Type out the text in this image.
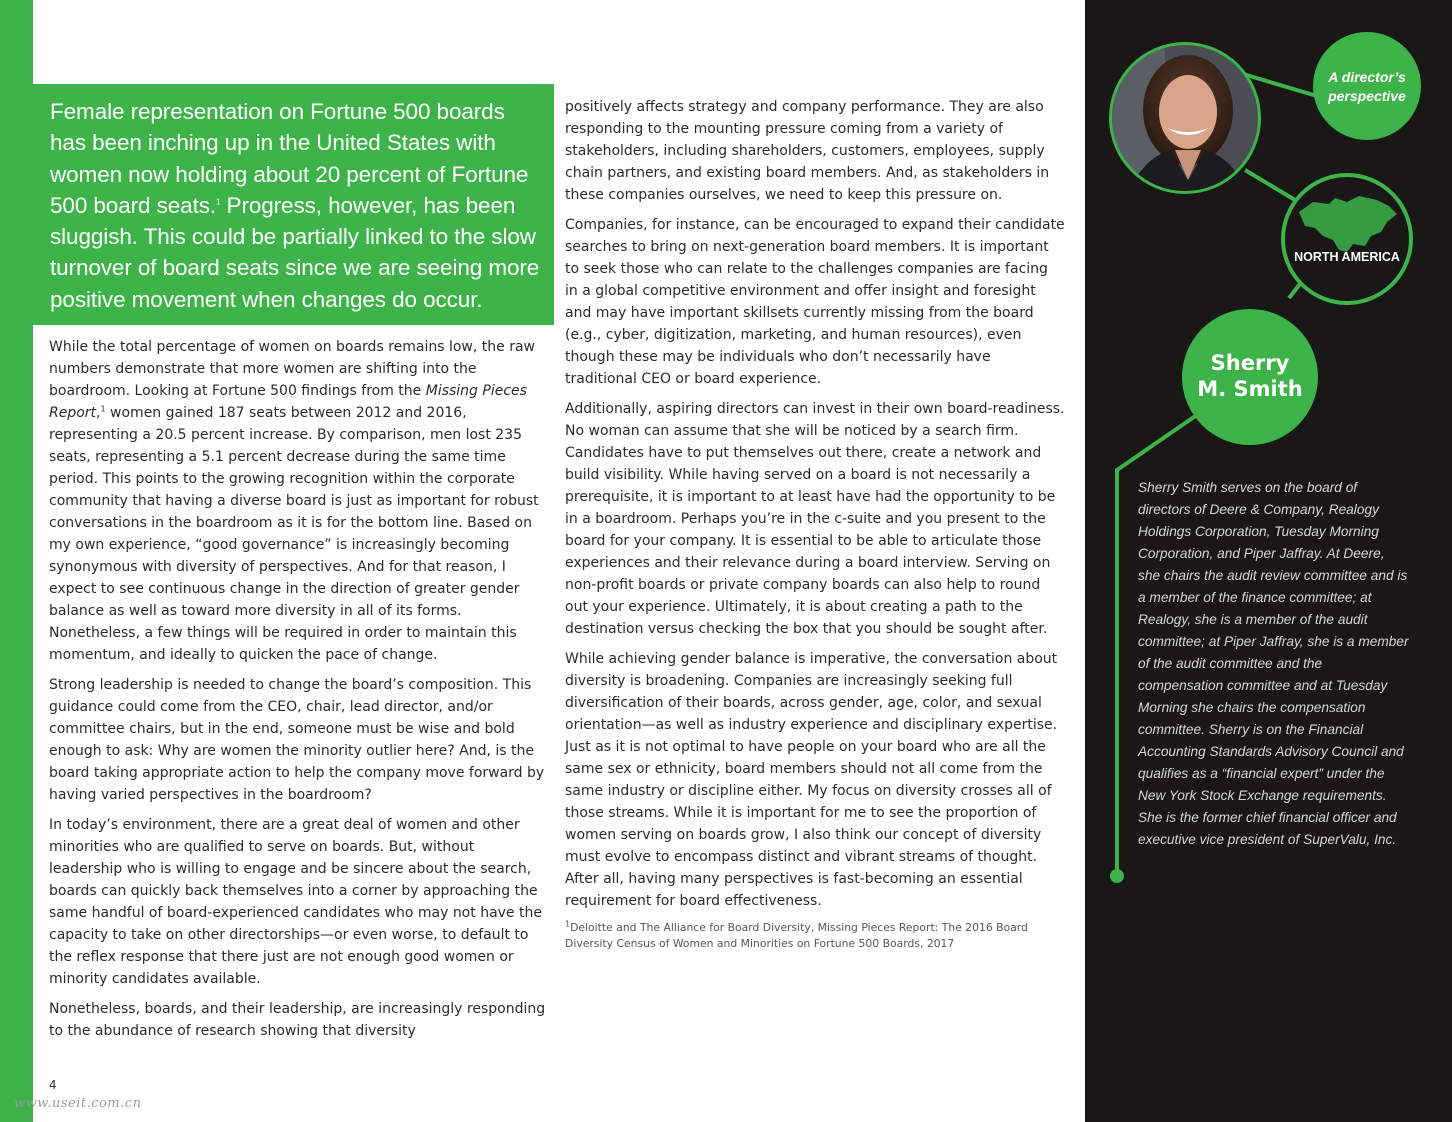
Female representation on Fortune 500 boards has been inching up in the United States with women now holding about 20 percent of Fortune 500 board seats.$^1$ Progress, however, has been sluggish. This could be partially linked to the slow turnover of board seats since we are seeing more positive movement when changes do occur.

While the total percentage of women on boards remains low, the raw numbers demonstrate that more women are shifting into the boardroom. Looking at Fortune 500 findings from the Missing Pieces Report,$^1$ women gained 187 seats between 2012 and 2016, representing a 20.5 percent increase. By comparison, men lost 235 seats, representing a 5.1 percent decrease during the same time period. This points to the growing recognition within the corporate community that having a diverse board is just as important for robust conversations in the boardroom as it is for the bottom line. Based on my own experience, “good governance” is increasingly becoming synonymous with diversity of perspectives. And for that reason, I expect to see continuous change in the direction of greater gender balance as well as toward more diversity in all of its forms. Nonetheless, a few things will be required in order to maintain this momentum, and ideally to quicken the pace of change.

Strong leadership is needed to change the board’s composition. This guidance could come from the CEO, chair, lead director, and/or committee chairs, but in the end, someone must be wise and bold enough to ask: Why are women the minority outlier here? And, is the board taking appropriate action to help the company move forward by having varied perspectives in the boardroom?

In today’s environment, there are a great deal of women and other minorities who are qualified to serve on boards. But, without leadership who is willing to engage and be sincere about the search, boards can quickly back themselves into a corner by approaching the same handful of board-experienced candidates who may not have the capacity to take on other directorships—or even worse, to default to the reflex response that there just are not enough good women or minority candidates available.

Nonetheless, boards, and their leadership, are increasingly responding to the abundance of research showing that diversity

positively affects strategy and company performance. They are also responding to the mounting pressure coming from a variety of stakeholders, including shareholders, customers, employees, supply chain partners, and existing board members. And, as stakeholders in these companies ourselves, we need to keep this pressure on.

Companies, for instance, can be encouraged to expand their candidate searches to bring on next-generation board members. It is important to seek those who can relate to the challenges companies are facing in a global competitive environment and offer insight and foresight and may have important skillsets currently missing from the board (e.g., cyber, digitization, marketing, and human resources), even though these may be individuals who don’t necessarily have traditional CEO or board experience.

Additionally, aspiring directors can invest in their own board-readiness. No woman can assume that she will be noticed by a search firm. Candidates have to put themselves out there, create a network and build visibility. While having served on a board is not necessarily a prerequisite, it is important to at least have had the opportunity to be in a boardroom. Perhaps you’re in the c-suite and you present to the board for your company. It is essential to be able to articulate those experiences and their relevance during a board interview. Serving on non-profit boards or private company boards can also help to round out your experience. Ultimately, it is about creating a path to the destination versus checking the box that you should be sought after.

While achieving gender balance is imperative, the conversation about diversity is broadening. Companies are increasingly seeking full diversification of their boards, across gender, age, color, and sexual orientation—as well as industry experience and disciplinary expertise. Just as it is not optimal to have people on your board who are all the same sex or ethnicity, board members should not all come from the same industry or discipline either. My focus on diversity crosses all of those streams. While it is important for me to see the proportion of women serving on boards grow, I also think our concept of diversity must evolve to encompass distinct and vibrant streams of thought. After all, having many perspectives is fast-becoming an essential requirement for board effectiveness.

$^1$Deloitte and The Alliance for Board Diversity, Missing Pieces Report: The 2016 Board Diversity Census of Women and Minorities on Fortune 500 Boards, 2017
4
www.useit.com.cn
A director’s
perspective
NORTH AMERICA
Sherry
M. Smith
Sherry Smith serves on the board of directors of Deere & Company, Realogy Holdings Corporation, Tuesday Morning Corporation, and Piper Jaffray. At Deere, she chairs the audit review committee and is a member of the finance committee; at Realogy, she is a member of the audit committee; at Piper Jaffray, she is a member of the audit committee and the compensation committee and at Tuesday Morning she chairs the compensation committee. Sherry is on the Financial Accounting Standards Advisory Council and qualifies as a “financial expert” under the New York Stock Exchange requirements. She is the former chief financial officer and executive vice president of SuperValu, Inc.
